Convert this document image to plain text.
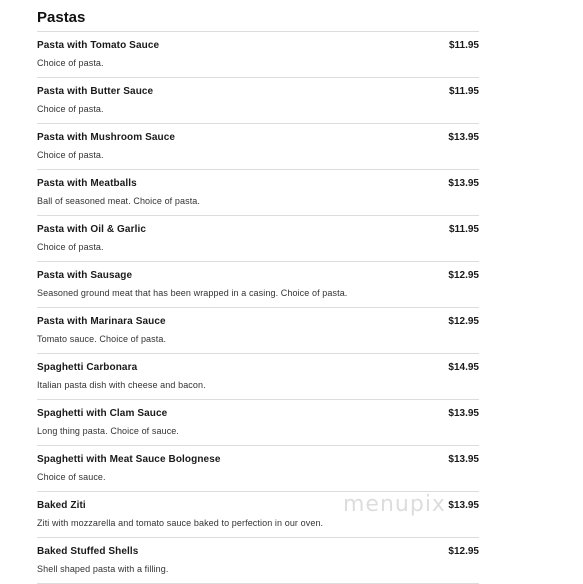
Pastas
Pasta with Tomato Sauce	$11.95
Choice of pasta.
Pasta with Butter Sauce	$11.95
Choice of pasta.
Pasta with Mushroom Sauce	$13.95
Choice of pasta.
Pasta with Meatballs	$13.95
Ball of seasoned meat. Choice of pasta.
Pasta with Oil & Garlic	$11.95
Choice of pasta.
Pasta with Sausage	$12.95
Seasoned ground meat that has been wrapped in a casing. Choice of pasta.
Pasta with Marinara Sauce	$12.95
Tomato sauce. Choice of pasta.
Spaghetti Carbonara	$14.95
Italian pasta dish with cheese and bacon.
Spaghetti with Clam Sauce	$13.95
Long thing pasta. Choice of sauce.
Spaghetti with Meat Sauce Bolognese	$13.95
Choice of sauce.
Baked Ziti	$13.95
Ziti with mozzarella and tomato sauce baked to perfection in our oven.
Baked Stuffed Shells	$12.95
Shell shaped pasta with a filling.
menupix
